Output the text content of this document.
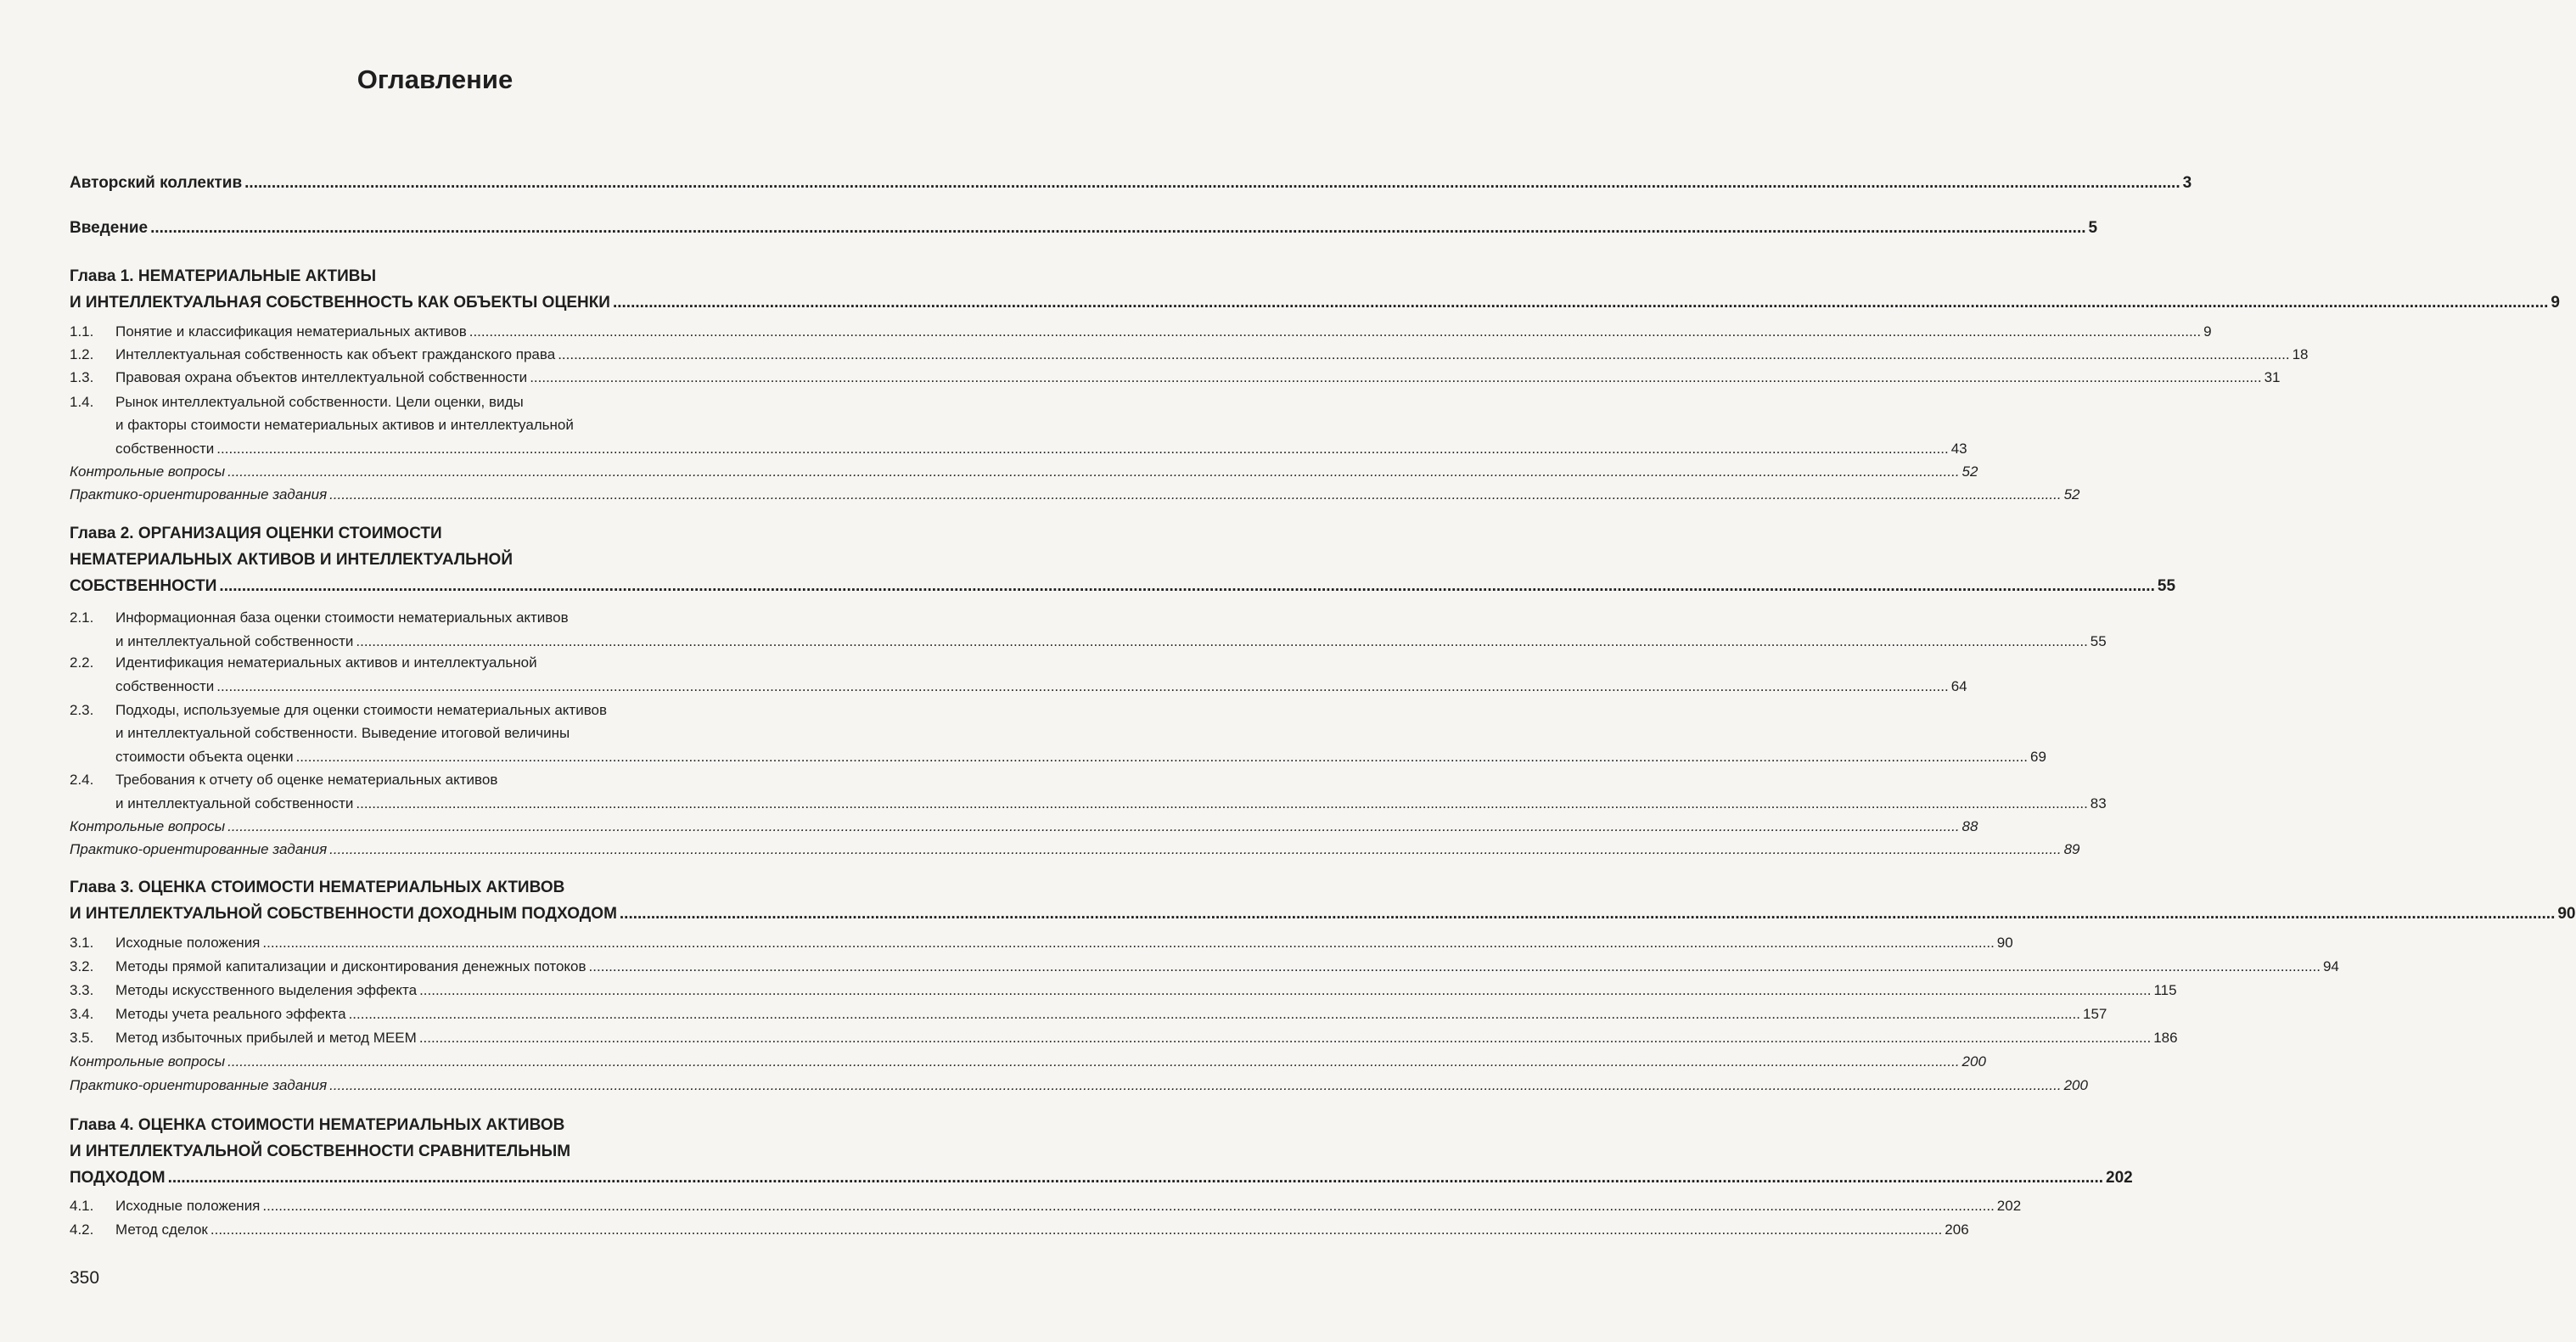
Оглавление
Авторский коллектив .....	3
Введение .....	5
Глава 1. НЕМАТЕРИАЛЬНЫЕ АКТИВЫ
И ИНТЕЛЛЕКТУАЛЬНАЯ СОБСТВЕННОСТЬ КАК ОБЪЕКТЫ ОЦЕНКИ .....	9
1.1. Понятие и классификация нематериальных активов .....	9
1.2. Интеллектуальная собственность как объект гражданского права .....	18
1.3. Правовая охрана объектов интеллектуальной собственности .....	31
1.4. Рынок интеллектуальной собственности. Цели оценки, виды
и факторы стоимости нематериальных активов и интеллектуальной
собственности .....	43
Контрольные вопросы .....	52
Практико-ориентированные задания .....	52
Глава 2. ОРГАНИЗАЦИЯ ОЦЕНКИ СТОИМОСТИ
НЕМАТЕРИАЛЬНЫХ АКТИВОВ И ИНТЕЛЛЕКТУАЛЬНОЙ
СОБСТВЕННОСТИ .....	55
2.1. Информационная база оценки стоимости нематериальных активов
и интеллектуальной собственности .....	55
2.2. Идентификация нематериальных активов и интеллектуальной
собственности .....	64
2.3. Подходы, используемые для оценки стоимости нематериальных активов
и интеллектуальной собственности. Выведение итоговой величины
стоимости объекта оценки .....	69
2.4. Требования к отчету об оценке нематериальных активов
и интеллектуальной собственности .....	83
Контрольные вопросы .....	88
Практико-ориентированные задания .....	89
Глава 3. ОЦЕНКА СТОИМОСТИ НЕМАТЕРИАЛЬНЫХ АКТИВОВ
И ИНТЕЛЛЕКТУАЛЬНОЙ СОБСТВЕННОСТИ ДОХОДНЫМ ПОДХОДОМ .....	90
3.1. Исходные положения .....	90
3.2. Методы прямой капитализации и дисконтирования денежных потоков .....	94
3.3. Методы искусственного выделения эффекта .....	115
3.4. Методы учета реального эффекта .....	157
3.5. Метод избыточных прибылей и метод МЕЕМ .....	186
Контрольные вопросы .....	200
Практико-ориентированные задания .....	200
Глава 4. ОЦЕНКА СТОИМОСТИ НЕМАТЕРИАЛЬНЫХ АКТИВОВ
И ИНТЕЛЛЕКТУАЛЬНОЙ СОБСТВЕННОСТИ СРАВНИТЕЛЬНЫМ
ПОДХОДОМ .....	202
4.1. Исходные положения .....	202
4.2. Метод сделок .....	206
350
